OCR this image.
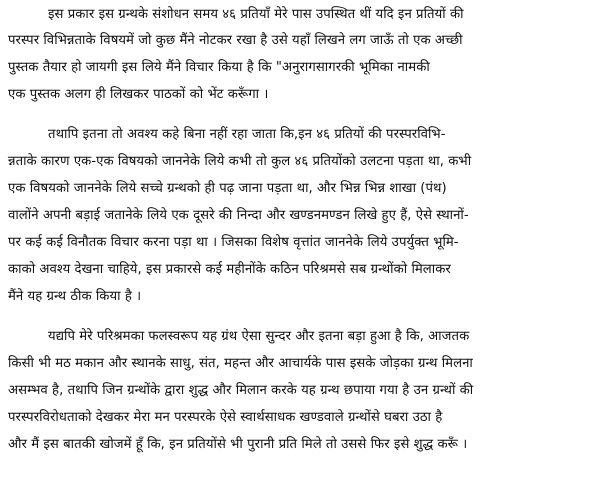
इस प्रकार इस ग्रन्थके संशोधन समय ४६ प्रतियाँ मेरे पास उपस्थित थीं यदि इन प्रतियों की
परस्पर विभिन्नताके विषयमें जो कुछ मैंने नोटकर रखा है उसे यहाँ लिखने लग जाऊँ तो एक अच्छी
पुस्तक तैयार हो जायगी इस लिये मैंने विचार किया है कि "अनुरागसागरकी भूमिका नामकी
एक पुस्तक अलग ही लिखकर पाठकों को भेंट करूँगा ।
तथापि इतना तो अवश्य कहे बिना नहीं रहा जाता कि,इन ४६ प्रतियों की परस्परविभि-
न्नताके कारण एक-एक विषयको जाननेके लिये कभी तो कुल ४६ प्रतियोंको उलटना पड़ता था, कभी
एक विषयको जाननेके लिये सच्चे ग्रन्थको ही पढ़ जाना पड़ता था, और भिन्न भिन्न शाखा (पंथ)
वालोंने अपनी बड़ाई जतानेके लिये एक दूसरे की निन्दा और खण्डनमण्डन लिखे हुए हैं, ऐसे स्थानों-
पर कई कई विनौतक विचार करना पड़ा था । जिसका विशेष वृत्तांत जाननेके लिये उपर्युक्त भूमि-
काको अवश्य देखना चाहिये, इस प्रकारसे कई महीनोंके कठिन परिश्रमसे सब ग्रन्थोंको मिलाकर
मैंने यह ग्रन्थ ठीक किया है ।
यद्यपि मेरे परिश्रमका फलस्वरूप यह ग्रंथ ऐसा सुन्दर और इतना बड़ा हुआ है कि, आजतक
किसी भी मठ मकान और स्थानके साधु, संत, महन्त और आचार्यके पास इसके जोड़का ग्रन्थ मिलना
असम्भव है, तथापि जिन ग्रन्थोंके द्वारा शुद्ध और मिलान करके यह ग्रन्थ छपाया गया है उन ग्रन्थों की
परस्परविरोधताको देखकर मेरा मन परस्परके ऐसे स्वार्थसाधक खण्डवाले ग्रन्थोंसे घबरा उठा है
और मैं इस बातकी खोजमें हूँ कि, इन प्रतियोंसे भी पुरानी प्रति मिले तो उससे फिर इसे शुद्ध करूँ ।
